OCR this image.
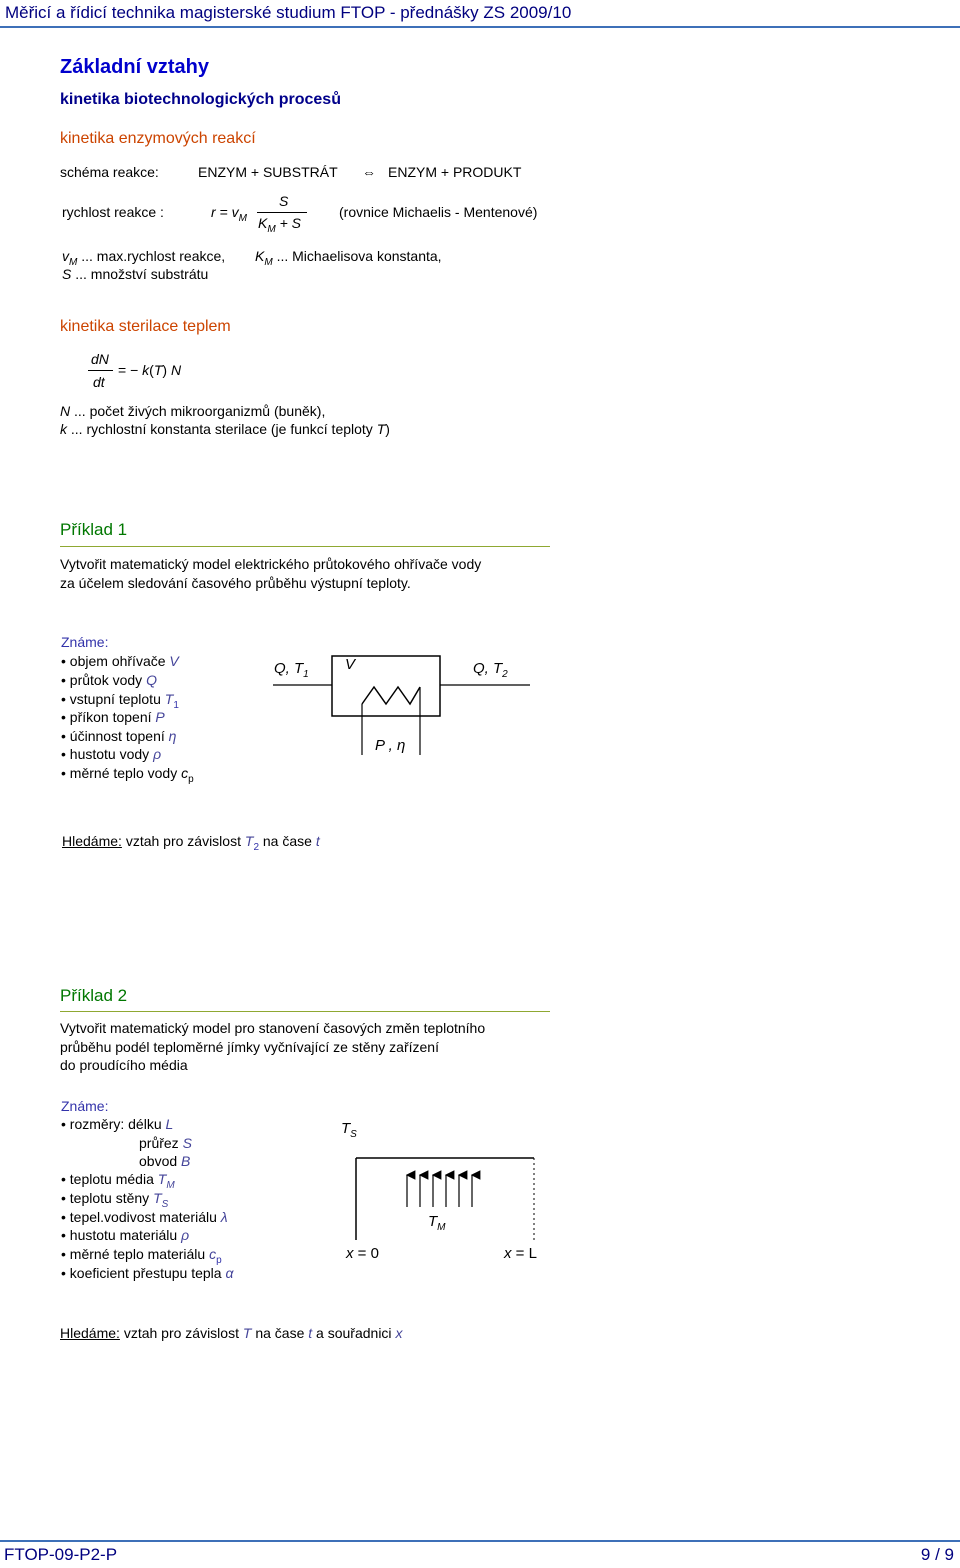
Měřicí a řídicí technika magisterské studium FTOP - přednášky ZS 2009/10
Základní vztahy
kinetika biotechnologických procesů
kinetika enzymových reakcí
schéma reakce:	ENZYM + SUBSTRÁT ⇔ ENZYM + PRODUKT
rychlost reakce :	$r = v_M$
S
$K_M + S$
(rovnice Michaelis - Mentenové)
$v_M$ ... max.rychlost reakce, $K_M$ ... Michaelisova konstanta,
S ... množství substrátu
kinetika sterilace teplem
dN
dt
= − k(T) N
N ... počet živých mikroorganizmů (buněk),
k ... rychlostní konstanta sterilace (je funkcí teploty T)
Příklad 1
Vytvořit matematický model elektrického průtokového ohřívače vody
za účelem sledování časového průběhu výstupní teploty.
Známe:
• objem ohřívače V
• průtok vody Q
• vstupní teplotu $T_1$
• příkon topení P
• účinnost topení η
• hustotu vody ρ
• měrné teplo vody $c_p$
Q, $T_1$
V	Q, $T_2$
P , η
Hledáme: vztah pro závislost $T_2$ na čase t
Příklad 2
Vytvořit matematický model pro stanovení časových změn teplotního
průběhu podél teploměrné jímky vyčnívající ze stěny zařízení
do proudícího média
Známe:
• rozměry: délku L
průřez S
obvod B
• teplotu média $T_M$
• teplotu stěny $T_S$
• tepel.vodivost materiálu λ
• hustotu materiálu ρ
• měrné teplo materiálu $c_p$
• koeficient přestupu tepla α
$T_S$
$T_M$
x = 0	x = L
Hledáme: vztah pro závislost T na čase t a souřadnici x
FTOP-09-P2-P	9 / 9
